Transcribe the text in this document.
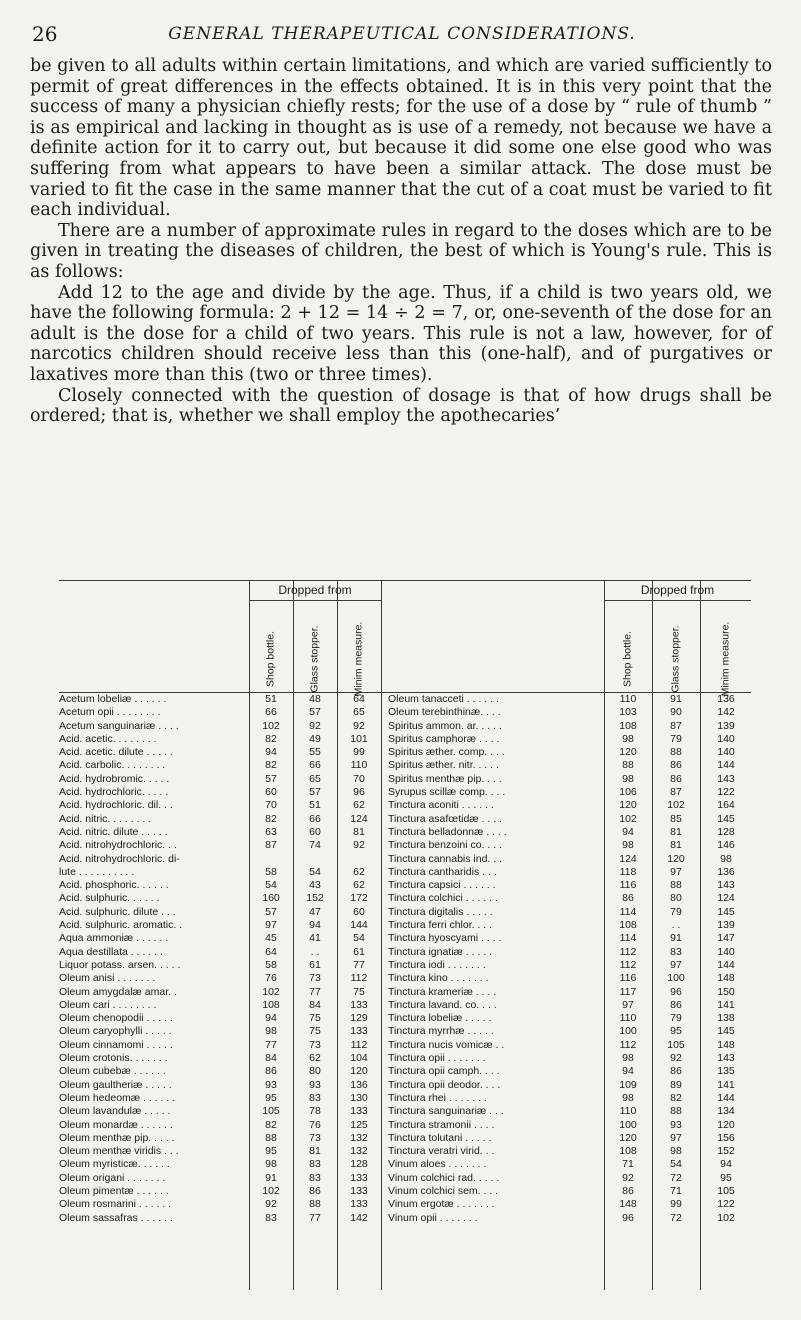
26	GENERAL THERAPEUTICAL CONSIDERATIONS.

be given to all adults within certain limitations, and which are varied sufficiently to permit of great differences in the effects obtained. It is in this very point that the success of many a physician chiefly rests; for the use of a dose by “ rule of thumb ” is as empirical and lacking in thought as is use of a remedy, not because we have a definite action for it to carry out, but because it did some one else good who was suffering from what appears to have been a similar attack. The dose must be varied to fit the case in the same manner that the cut of a coat must be varied to fit each individual.

There are a number of approximate rules in regard to the doses which are to be given in treating the diseases of children, the best of which is Young's rule. This is as follows:

Add 12 to the age and divide by the age. Thus, if a child is two years old, we have the following formula: 2 + 12 = 14 ÷ 2 = 7, or, one-seventh of the dose for an adult is the dose for a child of two years. This rule is not a law, however, for of narcotics children should receive less than this (one-half), and of purgatives or laxatives more than this (two or three times).

Closely connected with the question of dosage is that of how drugs shall be ordered; that is, whether we shall employ the apothecaries’

Dropped from	Dropped from
Shop bottle.	Glass stopper.	Minim measure.	Shop bottle.	Glass stopper.	Minim measure.
Acetum lobeliæ . . . . . .	51	48	64
Acetum opii . . . . . . . .	66	57	65
Acetum sanguinariæ . . . .	102	92	92
Acid. acetic. . . . . . . .	82	49	101
Acid. acetic. dilute . . . . .	94	55	99
Acid. carbolic. . . . . . . .	82	66	110
Acid. hydrobromic. . . . .	57	65	70
Acid. hydrochloric. . . . .	60	57	96
Acid. hydrochloric. dil. . .	70	51	62
Acid. nitric. . . . . . . .	82	66	124
Acid. nitric. dilute . . . . .	63	60	81
Acid. nitrohydrochloric. . .	87	74	92
Acid. nitrohydrochloric. di-
lute . . . . . . . . . .	58	54	62
Acid. phosphoric. . . . . .	54	43	62
Acid. sulphuric. . . . . .	160	152	172
Acid. sulphuric. dilute . . .	57	47	60
Acid. sulphuric. aromatic. .	97	94	144
Aqua ammoniæ . . . . . .	45	41	54
Aqua destillata . . . . . .	64	. .	61
Liquor potass. arsen. . . . .	58	61	77
Oleum anisi . . . . . . .	76	73	112
Oleum amygdalæ amar. .	102	77	75
Oleum cari . . . . . . . .	108	84	133
Oleum chenopodii . . . . .	94	75	129
Oleum caryophylli . . . . .	98	75	133
Oleum cinnamomi . . . . .	77	73	112
Oleum crotonis. . . . . . .	84	62	104
Oleum cubebæ . . . . . .	86	80	120
Oleum gaultheriæ . . . . .	93	93	136
Oleum hedeomæ . . . . . .	95	83	130
Oleum lavandulæ . . . . .	105	78	133
Oleum monardæ . . . . . .	82	76	125
Oleum menthæ pip. . . . .	88	73	132
Oleum menthæ viridis . . .	95	81	132
Oleum myristicæ. . . . . .	98	83	128
Oleum origani . . . . . . .	91	83	133
Oleum pimentæ . . . . . .	102	86	133
Oleum rosmarini . . . . . .	92	88	133
Oleum sassafras . . . . . .	83	77	142
Oleum tanacceti . . . . . .	110	91	136
Oleum terebinthinæ. . . .	103	90	142
Spiritus ammon. ar. . . . .	108	87	139
Spiritus camphoræ . . . .	98	79	140
Spiritus æther. comp. . . .	120	88	140
Spiritus æther. nitr. . . . .	88	86	144
Spiritus menthæ pip. . . .	98	86	143
Syrupus scillæ comp. . . .	106	87	122
Tinctura aconiti . . . . . .	120	102	164
Tinctura asafœtidæ . . . .	102	85	145
Tinctura belladonnæ . . . .	94	81	128
Tinctura benzoini co. . . .	98	81	146
Tinctura cannabis ind. . .	124	120	98
Tinctura cantharidis . . .	118	97	136
Tinctura capsici . . . . . .	116	88	143
Tinctura colchici . . . . . .	86	80	124
Tinctura digitalis . . . . .	114	79	145
Tinctura ferri chlor. . . .	108	. .	139
Tinctura hyoscyami . . . .	114	91	147
Tinctura ignatiæ . . . . .	112	83	140
Tinctura iodi . . . . . . .	112	97	144
Tinctura kino . . . . . . .	116	100	148
Tinctura krameriæ . . . .	117	96	150
Tinctura lavand. co. . . .	97	86	141
Tinctura lobeliæ . . . . .	110	79	138
Tinctura myrrhæ . . . . .	100	95	145
Tinctura nucis vomicæ . .	112	105	148
Tinctura opii . . . . . . .	98	92	143
Tinctura opii camph. . . .	94	86	135
Tinctura opii deodor. . . .	109	89	141
Tinctura rhei . . . . . . .	98	82	144
Tinctura sanguinariæ . . .	110	88	134
Tinctura stramonii . . . .	100	93	120
Tinctura tolutani . . . . .	120	97	156
Tinctura veratri virid. . .	108	98	152
Vinum aloes . . . . . . .	71	54	94
Vinum colchici rad. . . . .	92	72	95
Vinum colchici sem. . . .	86	71	105
Vinum ergotæ . . . . . . .	148	99	122
Vinum opii . . . . . . .	96	72	102
